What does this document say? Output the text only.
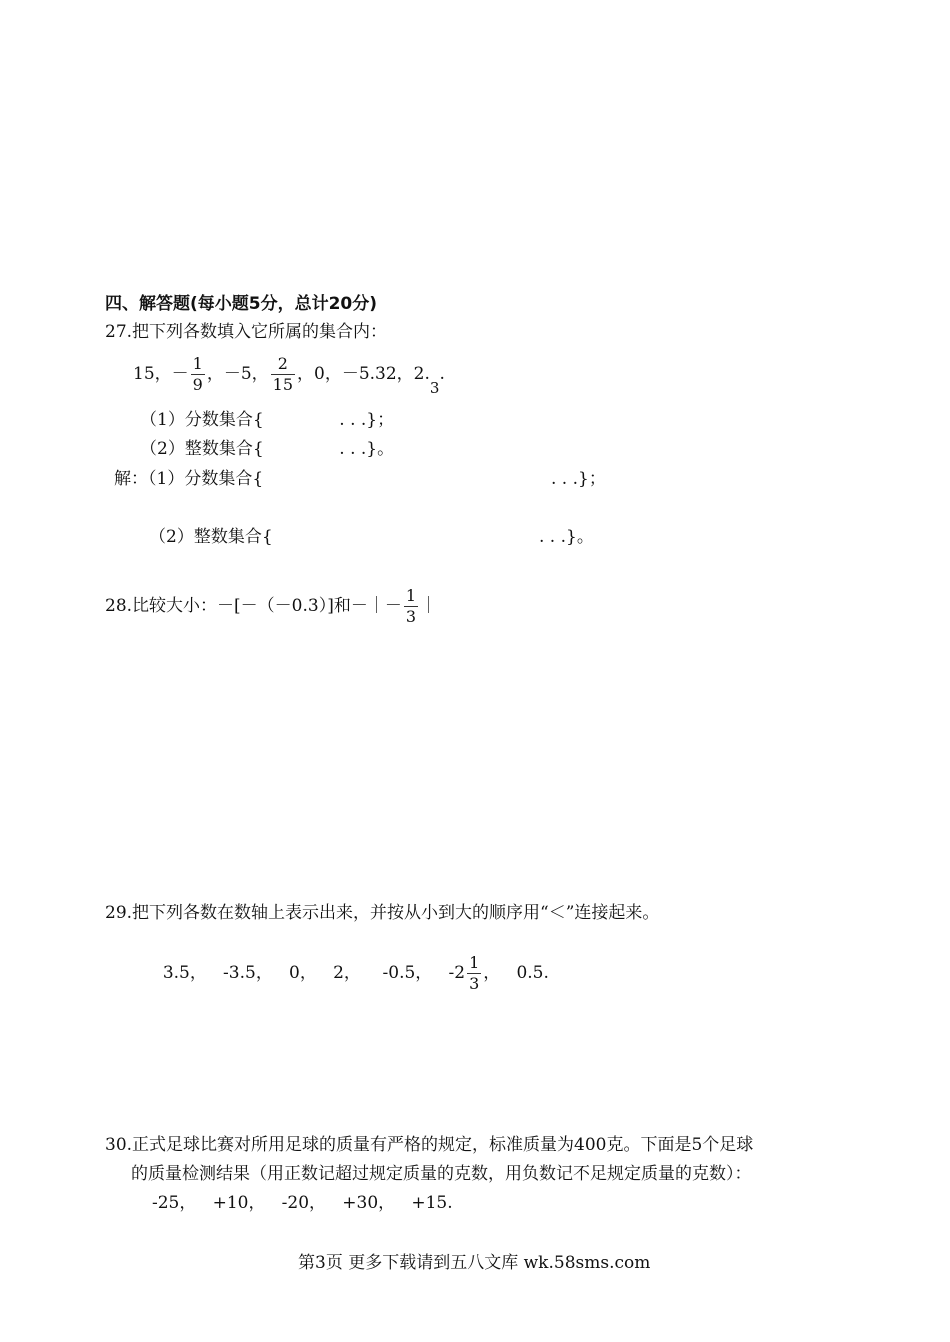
四、解答题(每小题5分，总计20分)
27.把下列各数填入它所属的集合内：
15，－ $\frac{1}{9}$ ，－5， $\frac{2}{15}$ ，0，－5.32，2.3.
（1）分数集合{              . . .}；
（2）整数集合{              . . .}。
解：（1）分数集合{	. . .}；
（2）整数集合{	. . .}。
28.比较大小：－[－（－0.3）]和－｜－ $\frac{1}{3}$ ｜
29.把下列各数在数轴上表示出来，并按从小到大的顺序用“＜”连接起来。

3.5，   -3.5，   0，   2，    -0.5，   $-2 \frac{1}{3}$ ，   0.5.

30.正式足球比赛对所用足球的质量有严格的规定，标准质量为400克。下面是5个足球
的质量检测结果（用正数记超过规定质量的克数，用负数记不足规定质量的克数）：
-25，   +10，   -20，   +30，   +15.
第3页 更多下载请到五八文库 wk.58sms.com
